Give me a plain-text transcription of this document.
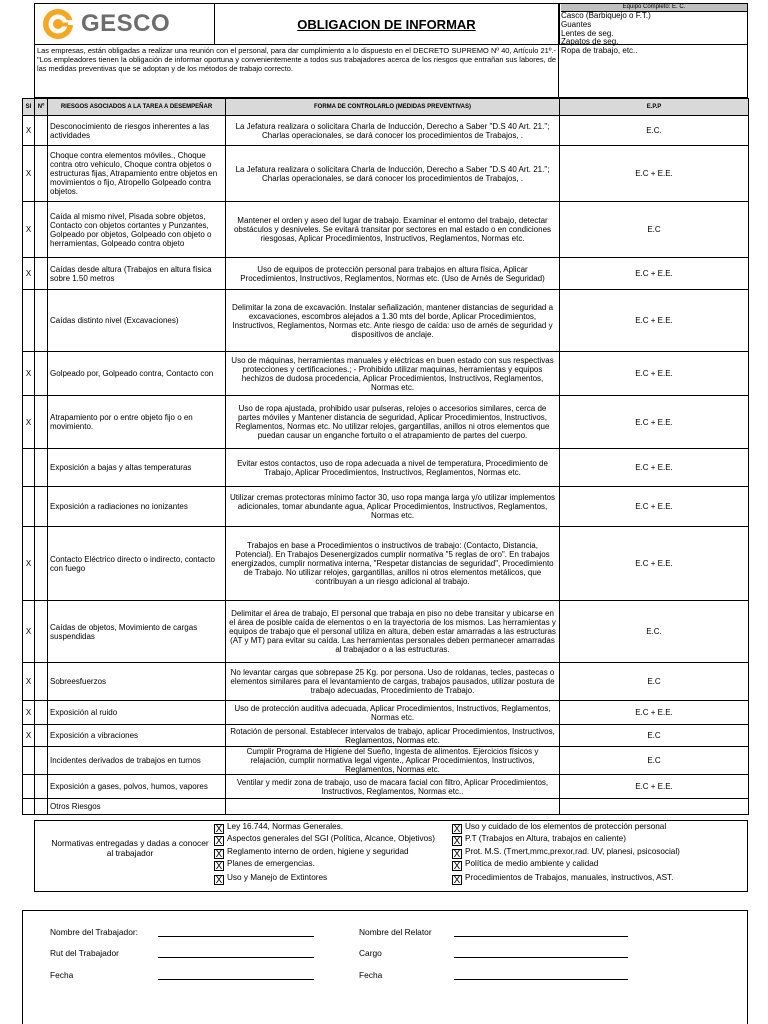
GESCO	OBLIGACION DE INFORMAR
Equipo Completo: E. C.
Casco (Barbiquejo o F.T.)
Guantes
Lentes de seg.
Zapatos de seg.
Ropa de trabajo, etc..
Las empresas, están obligadas a realizar una reunión con el personal, para dar cumplimiento a lo dispuesto en el DECRETO SUPREMO Nº 40, Artículo 21º.-"Los empleadores tienen la obligación de informar oportuna y convenientemente a todos sus trabajadores acerca de los riesgos que entrañan sus labores, de las medidas preventivas que se adoptan y de los métodos de trabajo correcto.
SI	Nº	RIESGOS ASOCIADOS A LA TAREA A DESEMPEÑAR	FORMA DE CONTROLARLO (MEDIDAS PREVENTIVAS)	E.P.P
X		Desconocimiento de riesgos inherentes a las actividades	La Jefatura realizara o solicitara Charla de Inducción, Derecho a Saber "D.S 40 Art. 21."; Charlas operacionales, se dará conocer los procedimientos de Trabajos, .	E.C.
X		Choque contra elementos móviles., Choque contra otro vehiculo, Choque contra objetos o estructuras fijas, Atrapamiento entre objetos en movimientos o fijo, Atropello Golpeado contra objetos.	La Jefatura realizara o solicitara Charla de Inducción, Derecho a Saber "D.S 40 Art. 21."; Charlas operacionales, se dará conocer los procedimientos de Trabajos, .	E.C + E.E.
X		Caída al mismo nivel, Pisada sobre objetos, Contacto con objetos cortantes y Punzantes, Golpeado por objetos, Golpeado con objeto o herramientas, Golpeado contra objeto	Mantener el orden y aseo del lugar de trabajo. Examinar el entorno del trabajo, detectar obstáculos y desniveles. Se evitará transitar por sectores en mal estado o en condiciones riesgosas, Aplicar Procedimientos, Instructivos, Reglamentos, Normas etc.	E.C
X		Caídas desde altura (Trabajos en altura física sobre 1.50 metros	Uso de equipos de protección personal para trabajos en altura física, Aplicar Procedimientos, Instructivos, Reglamentos, Normas etc. (Uso de Arnés de Seguridad)	E.C + E.E.
		Caídas distinto nivel (Excavaciones)	Delimitar la zona de excavación. Instalar señalización, mantener distancias de seguridad a excavaciones, escombros alejados a 1.30 mts del borde, Aplicar Procedimientos, Instructivos, Reglamentos, Normas etc. Ante riesgo de caída: uso de arnés de seguridad y dispositivos de anclaje.	E.C + E.E.
X		Golpeado por, Golpeado contra, Contacto con	Uso de máquinas, herramientas manuales y eléctricas en buen estado con sus respectivas protecciones y certificaciones.; - Prohibido utilizar maquinas, herramientas y equipos hechizos de dudosa procedencia, Aplicar Procedimientos, Instructivos, Reglamentos, Normas etc.	E.C + E.E.
X		Atrapamiento por o entre objeto fijo o en movimiento.	Uso de ropa ajustada, prohibido usar pulseras, relojes o accesorios similares, cerca de partes móviles y Mantener distancia de seguridad, Aplicar Procedimientos, Instructivos, Reglamentos, Normas etc. No utilizar relojes, gargantillas, anillos ni otros elementos que puedan causar un enganche fortuito o el atrapamiento de partes del cuerpo.	E.C + E.E.
		Exposición a bajas y altas temperaturas	Evitar estos contactos, uso de ropa adecuada a nivel de temperatura, Procedimiento de Trabajo, Aplicar Procedimientos, Instructivos, Reglamentos, Normas etc.	E.C + E.E.
		Exposición a radiaciones no ionizantes	Utilizar cremas protectoras mínimo factor 30, uso ropa manga larga y/o utilizar implementos adicionales, tomar abundante agua, Aplicar Procedimientos, Instructivos, Reglamentos, Normas etc.	E.C + E.E.
X		Contacto Eléctrico directo o indirecto, contacto con fuego	Trabajos en base a Procedimientos o instructivos de trabajo: (Contacto, Distancia, Potencial). En Trabajos Desenergizados cumplir normativa "5 reglas de oro". En trabajos energizados, cumplir normativa interna, "Respetar distancias de seguridad", Procedimiento de Trabajo. No utilizar relojes, gargantillas, anillos ni otros elementos metálicos, que contribuyan a un riesgo adicional al trabajo.	E.C + E.E.
X		Caídas de objetos, Movimiento de cargas suspendidas	Delimitar el área de trabajo, El personal que trabaja en piso no debe transitar y ubicarse en el área de posible caída de elementos o en la trayectoria de los mismos. Las herramientas y equipos de trabajo que el personal utiliza en altura, deben estar amarradas a las estructuras (AT y MT) para evitar su caída. Las herramientas personales deben permanecer amarradas al trabajador o a las estructuras.	E.C.
X		Sobreesfuerzos	No levantar cargas que sobrepase 25 Kg. por persona. Uso de roldanas, tecles, pastecas o elementos similares para el levantamiento de cargas, trabajos pausados, utilizar postura de trabajo adecuadas, Procedimiento de Trabajo.	E.C
X		Exposición al ruido	Uso de protección auditiva adecuada, Aplicar Procedimientos, Instructivos, Reglamentos, Normas etc.	E.C + E.E.
X		Exposición a vibraciones	Rotación de personal. Establecer intervalos de trabajo, aplicar Procedimientos, Instructivos, Reglamentos, Normas etc.	E.C
		Incidentes derivados de trabajos en turnos	Cumplir Programa de Higiene del Sueño, Ingesta de alimentos. Ejercicios físicos y relajación, cumplir normativa legal vigente., Aplicar Procedimientos, Instructivos, Reglamentos, Normas etc.	E.C
		Exposición a gases, polvos, humos, vapores	Ventilar y medir zona de trabajo, uso de macara facial con filtro, Aplicar Procedimientos, Instructivos, Reglamentos, Normas etc..	E.C + E.E.
		Otros Riesgos		
Normativas entregadas y dadas a conocer al trabajador
X Ley 16.744, Normas Generales.
X Aspectos generales del SGI (Política, Alcance, Objetivos)
X Reglamento interno de orden, higiene y seguridad
X Planes de emergencias.
X Uso y Manejo de Extintores
X Uso y cuidado de los elementos de protección personal
X P.T (Trabajos en Altura, trabajos en caliente)
X Prot. M.S. (Tmert,mmc,prexor,rad. UV, planesi, psicosocial)
X Política de medio ambiente y calidad
X Procedimientos de Trabajos, manuales, instructivos, AST.
Nombre del Trabajador:
Rut del Trabajador
Fecha
Nombre del Relator
Cargo
Fecha
